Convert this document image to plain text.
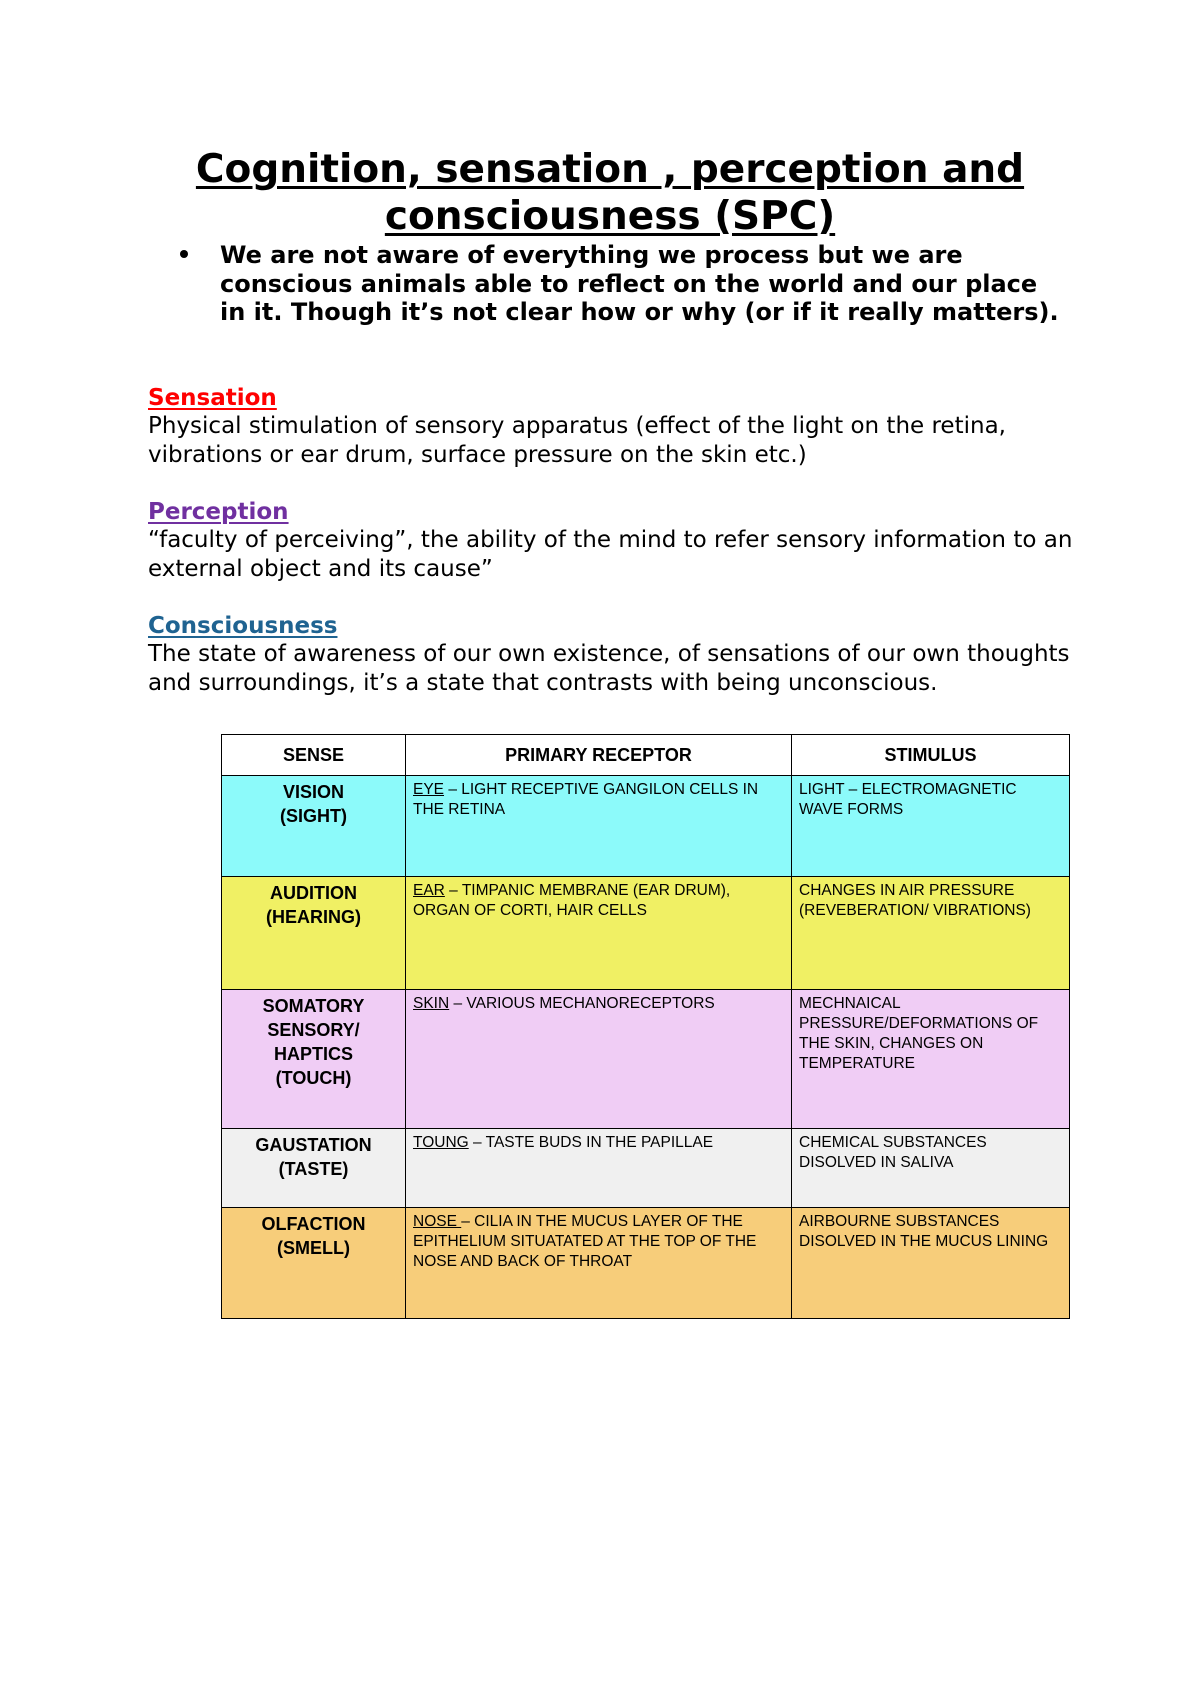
Cognition, sensation , perception and consciousness (SPC)
We are not aware of everything we process but we are conscious animals able to reflect on the world and our place in it. Though it’s not clear how or why (or if it really matters).
Sensation
Physical stimulation of sensory apparatus (effect of the light on the retina, vibrations or ear drum, surface pressure on the skin etc.)
Perception
“faculty of perceiving”, the ability of the mind to refer sensory information to an external object and its cause”
Consciousness
The state of awareness of our own existence, of sensations of our own thoughts and surroundings, it’s a state that contrasts with being unconscious.
SENSE	PRIMARY RECEPTOR	STIMULUS

VISION
(SIGHT)	EYE – LIGHT RECEPTIVE GANGILON CELLS IN THE RETINA	LIGHT – ELECTROMAGNETIC WAVE FORMS

AUDITION
(HEARING)	EAR – TIMPANIC MEMBRANE (EAR DRUM), ORGAN OF CORTI, HAIR CELLS	CHANGES IN AIR PRESSURE (REVEBERATION/ VIBRATIONS)

SOMATORY
SENSORY/
HAPTICS
(TOUCH)	SKIN – VARIOUS MECHANORECEPTORS	MECHNAICAL PRESSURE/DEFORMATIONS OF THE SKIN, CHANGES ON TEMPERATURE

GAUSTATION
(TASTE)	TOUNG – TASTE BUDS IN THE PAPILLAE	CHEMICAL SUBSTANCES DISOLVED IN SALIVA

OLFACTION
(SMELL)	NOSE – CILIA IN THE MUCUS LAYER OF THE EPITHELIUM SITUATATED AT THE TOP OF THE NOSE AND BACK OF THROAT	AIRBOURNE SUBSTANCES DISOLVED IN THE MUCUS LINING
